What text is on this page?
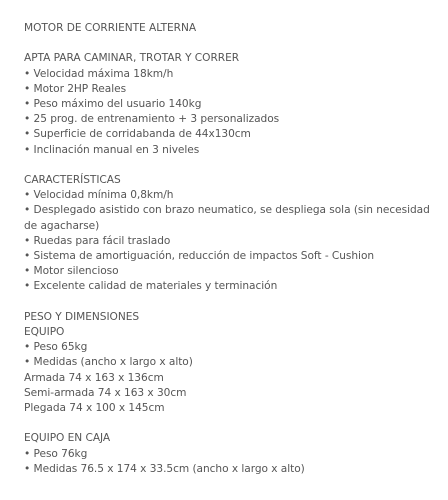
MOTOR DE CORRIENTE ALTERNA
APTA PARA CAMINAR, TROTAR Y CORRER
• Velocidad máxima 18km/h
• Motor 2HP Reales
• Peso máximo del usuario 140kg
• 25 prog. de entrenamiento + 3 personalizados
• Superficie de corridabanda de 44x130cm
• Inclinación manual en 3 niveles
CARACTERÍSTICAS
• Velocidad mínima 0,8km/h
• Desplegado asistido con brazo neumatico, se despliega sola (sin necesidad de agacharse)
• Ruedas para fácil traslado
• Sistema de amortiguación, reducción de impactos Soft - Cushion
• Motor silencioso
• Excelente calidad de materiales y terminación
PESO Y DIMENSIONES
EQUIPO
• Peso 65kg
• Medidas (ancho x largo x alto)
Armada 74 x 163 x 136cm
Semi-armada 74 x 163 x 30cm
Plegada 74 x 100 x 145cm
EQUIPO EN CAJA
• Peso 76kg
• Medidas 76.5 x 174 x 33.5cm (ancho x largo x alto)
